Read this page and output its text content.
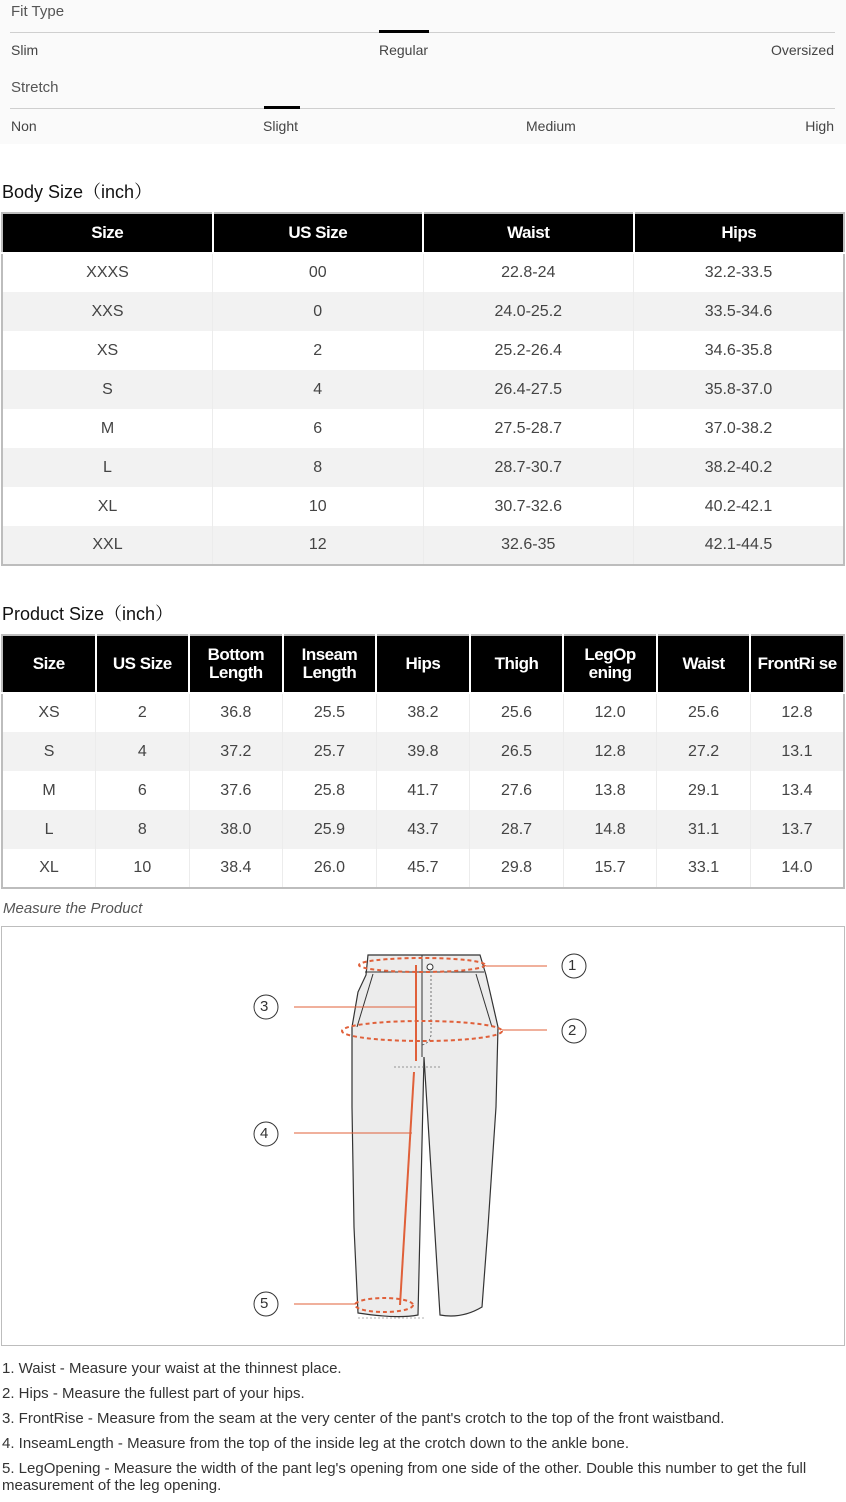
Fit Type
Slim	Regular	Oversized
Stretch
Non	Slight	Medium	High
Body Size（inch）
Size	US Size	Waist	Hips
XXXS	00	22.8-24	32.2-33.5
XXS	0	24.0-25.2	33.5-34.6
XS	2	25.2-26.4	34.6-35.8
S	4	26.4-27.5	35.8-37.0
M	6	27.5-28.7	37.0-38.2
L	8	28.7-30.7	38.2-40.2
XL	10	30.7-32.6	40.2-42.1
XXL	12	32.6-35	42.1-44.5
Product Size（inch）
Size	US Size	Bottom Length	Inseam Length	Hips	Thigh	LegOp ening	Waist	FrontRi se
XS	2	36.8	25.5	38.2	25.6	12.0	25.6	12.8
S	4	37.2	25.7	39.8	26.5	12.8	27.2	13.1
M	6	37.6	25.8	41.7	27.6	13.8	29.1	13.4
L	8	38.0	25.9	43.7	28.7	14.8	31.1	13.7
XL	10	38.4	26.0	45.7	29.8	15.7	33.1	14.0
Measure the Product
1
2
3
4
5
1. Waist - Measure your waist at the thinnest place.
2. Hips - Measure the fullest part of your hips.
3. FrontRise - Measure from the seam at the very center of the pant's crotch to the top of the front waistband.
4. InseamLength - Measure from the top of the inside leg at the crotch down to the ankle bone.
5. LegOpening - Measure the width of the pant leg's opening from one side of the other. Double this number to get the full measurement of the leg opening.
